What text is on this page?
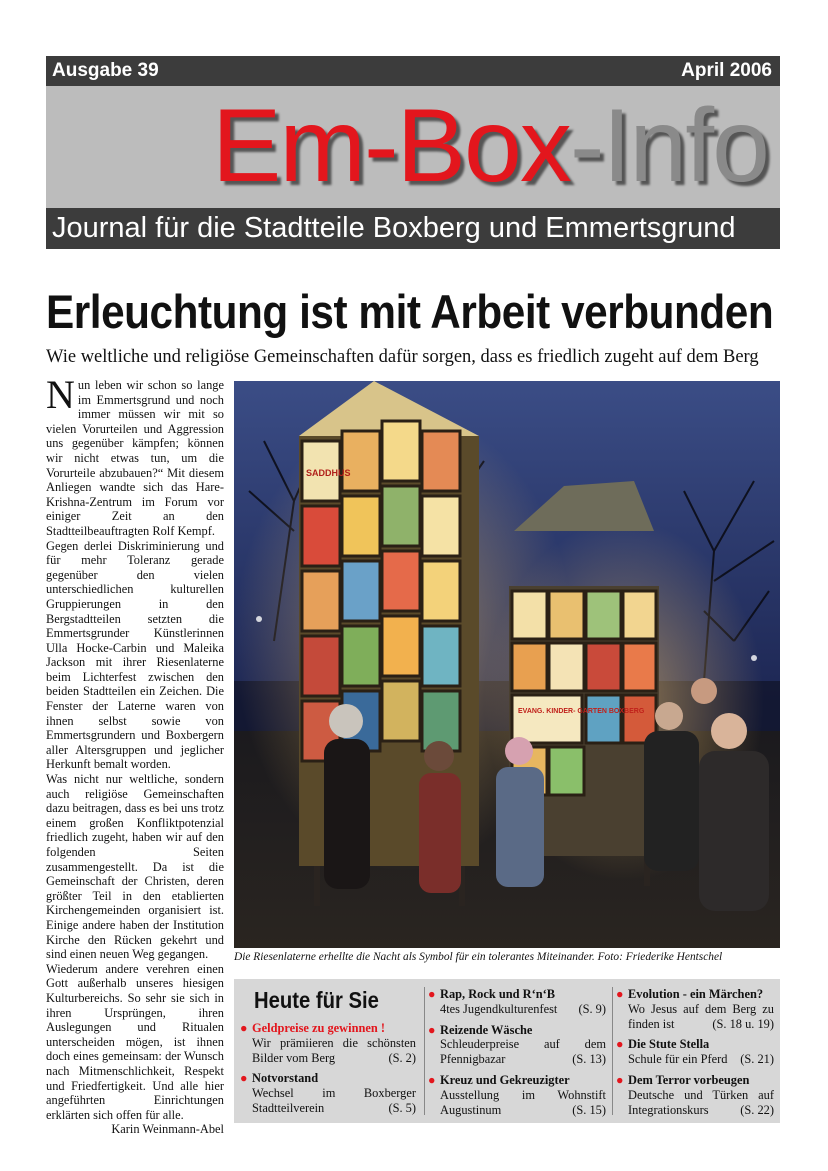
Ausgabe 39	April 2006
Em-Box-Info
Journal für die Stadtteile Boxberg und Emmertsgrund
Erleuchtung ist mit Arbeit verbunden
Wie weltliche und religiöse Gemeinschaften dafür sorgen, dass es friedlich zugeht auf dem Berg

Nun leben wir schon so lange im Emmertsgrund und noch immer müssen wir mit so vielen Vorurteilen und Aggression uns gegenüber kämpfen; können wir nicht etwas tun, um die Vorurteile abzubauen?“ Mit diesem Anliegen wandte sich das Hare-Krishna-Zentrum im Forum vor einiger Zeit an den Stadtteilbeauftragten Rolf Kempf.

Gegen derlei Diskriminierung und für mehr Toleranz gerade gegenüber den vielen unterschiedlichen kulturellen Gruppierungen in den Bergstadtteilen setzten die Emmertsgrunder Künstlerinnen Ulla Hocke-Carbin und Maleika Jackson mit ihrer Riesenlaterne beim Lichterfest zwischen den beiden Stadtteilen ein Zeichen. Die Fenster der Laterne waren von ihnen selbst sowie von Emmertsgrundern und Boxbergern aller Altersgruppen und jeglicher Herkunft bemalt worden.

Was nicht nur weltliche, sondern auch religiöse Gemeinschaften dazu beitragen, dass es bei uns trotz einem großen Konfliktpotenzial friedlich zugeht, haben wir auf den folgenden Seiten zusammengestellt. Da ist die Gemeinschaft der Christen, deren größter Teil in den etablierten Kirchengemeinden organisiert ist. Einige andere haben der Institution Kirche den Rücken gekehrt und sind einen neuen Weg gegangen.

Wiederum andere verehren einen Gott außerhalb unseres hiesigen Kulturbereichs. So sehr sie sich in ihren Ursprüngen, ihren Auslegungen und Ritualen unterscheiden mögen, ist ihnen doch eines gemeinsam: der Wunsch nach Mitmenschlichkeit, Respekt und Friedfertigkeit. Und alle hier angeführten Einrichtungen erklärten sich offen für alle.

Karin Weinmann-Abel

SADDHUS
EVANG. KINDER- GARTEN BOXBERG
Die Riesenlaterne erhellte die Nacht als Symbol für ein tolerantes Miteinander. Foto: Friederike Hentschel
Heute für Sie
● Geldpreise zu gewinnen !
Wir prämiieren die schönsten Bilder vom Berg	(S. 2)
● Notvorstand
Wechsel im Boxberger Stadtteilverein	(S. 5)
● Rap, Rock und R‘n‘B
4tes Jugendkulturenfest (S. 9)
● Reizende Wäsche
Schleuderpreise auf dem Pfennigbazar	(S. 13)
● Kreuz und Gekreuzigter
Ausstellung im Wohnstift Augustinum	(S. 15)
● Evolution - ein Märchen?
Wo Jesus auf dem Berg zu finden ist	(S. 18 u. 19)
● Die Stute Stella
Schule für ein Pferd (S. 21)
● Dem Terror vorbeugen
Deutsche und Türken auf Integrationskurs	(S. 22)
